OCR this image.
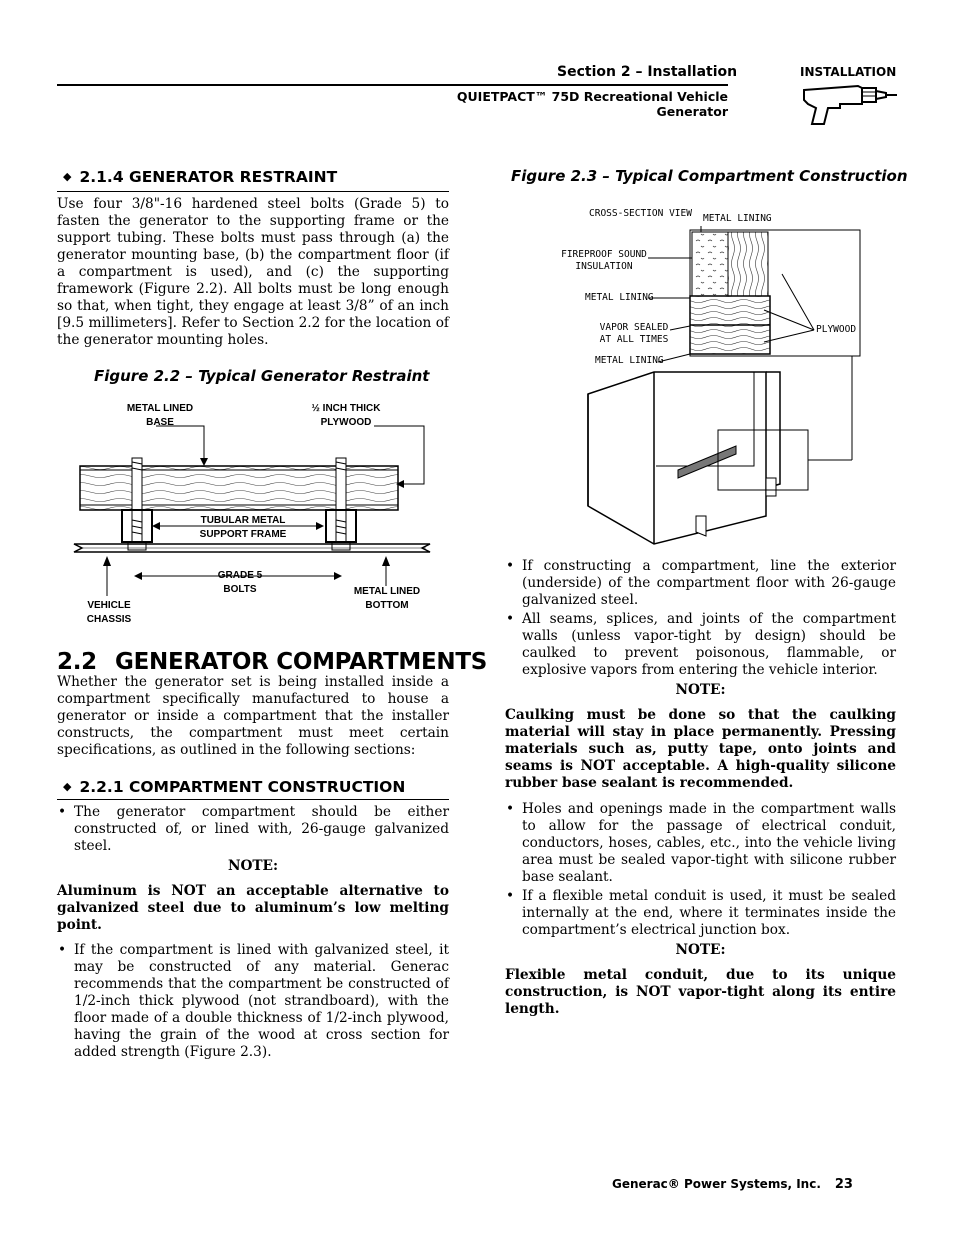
Section 2 – Installation
QUIETPACT™ 75D Recreational Vehicle Generator
INSTALLATION
◆ 2.1.4 GENERATOR RESTRAINT
Use four 3/8"-16 hardened steel bolts (Grade 5) to fasten the generator to the supporting frame or the support tubing. These bolts must pass through (a) the generator mounting base, (b) the compartment floor (if a compartment is used), and (c) the supporting framework (Figure 2.2). All bolts must be long enough so that, when tight, they engage at least 3/8” of an inch [9.5 millimeters]. Refer to Section 2.2 for the location of the generator mounting holes.
Figure 2.2 – Typical Generator Restraint
METAL LINED BASE
½ INCH THICK PLYWOOD
TUBULAR METAL SUPPORT FRAME
GRADE 5 BOLTS	METAL LINED BOTTOM
VEHICLE CHASSIS
2.2 GENERATOR COMPARTMENTS
Whether the generator set is being installed inside a compartment specifically manufactured to house a generator or inside a compartment that the installer constructs, the compartment must meet certain specifications, as outlined in the following sections:
◆ 2.2.1 COMPARTMENT CONSTRUCTION
• The generator compartment should be either constructed of, or lined with, 26-gauge galvanized steel.
NOTE:
Aluminum is NOT an acceptable alternative to galvanized steel due to aluminum’s low melting point.
• If the compartment is lined with galvanized steel, it may be constructed of any material. Generac recommends that the compartment be constructed of 1/2-inch thick plywood (not strandboard), with the floor made of a double thickness of 1/2-inch plywood, having the grain of the wood at cross section for added strength (Figure 2.3).
Figure 2.3 – Typical Compartment Construction
CROSS-SECTION VIEW METAL LINING
FIREPROOF SOUND INSULATION
METAL LINING
VAPOR SEALED AT ALL TIMES
METAL LINING
PLYWOOD
• If constructing a compartment, line the exterior (underside) of the compartment floor with 26-gauge galvanized steel.
• All seams, splices, and joints of the compartment walls (unless vapor-tight by design) should be caulked to prevent poisonous, flammable, or explosive vapors from entering the vehicle interior.
NOTE:
Caulking must be done so that the caulking material will stay in place permanently. Pressing materials such as, putty tape, onto joints and seams is NOT acceptable. A high-quality silicone rubber base sealant is recommended.
• Holes and openings made in the compartment walls to allow for the passage of electrical conduit, conductors, hoses, cables, etc., into the vehicle living area must be sealed vapor-tight with silicone rubber base sealant.
• If a flexible metal conduit is used, it must be sealed internally at the end, where it terminates inside the compartment’s electrical junction box.
NOTE:
Flexible metal conduit, due to its unique construction, is NOT vapor-tight along its entire length.
Generac® Power Systems, Inc. 23
